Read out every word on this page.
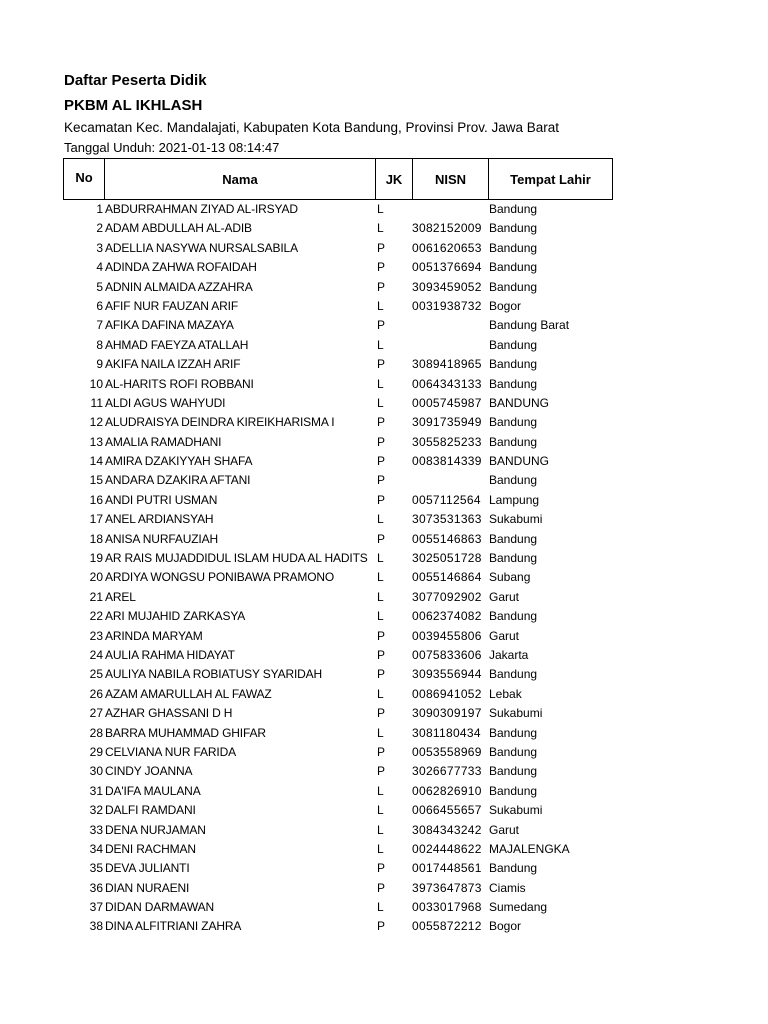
Daftar Peserta Didik
PKBM AL IKHLASH
Kecamatan Kec. Mandalajati, Kabupaten Kota Bandung, Provinsi Prov. Jawa Barat
Tanggal Unduh: 2021-01-13 08:14:47
No	Nama	JK	NISN	Tempat Lahir
1 ABDURRAHMAN ZIYAD AL-IRSYAD	L	Bandung
2 ADAM ABDULLAH AL-ADIB	L 3082152009 Bandung
3 ADELLIA NASYWA NURSALSABILA	P 0061620653 Bandung
4 ADINDA ZAHWA ROFAIDAH	P 0051376694 Bandung
5 ADNIN ALMAIDA AZZAHRA	P 3093459052 Bandung
6 AFIF NUR FAUZAN ARIF	L 0031938732 Bogor
7 AFIKA DAFINA MAZAYA	P	Bandung Barat
8 AHMAD FAEYZA ATALLAH	L	Bandung
9 AKIFA NAILA IZZAH ARIF	P 3089418965 Bandung
10 AL-HARITS ROFI ROBBANI	L 0064343133 Bandung
11 ALDI AGUS WAHYUDI	L 0005745987 BANDUNG
12 ALUDRAISYA DEINDRA KIREIKHARISMA I	P 3091735949 Bandung
13 AMALIA RAMADHANI	P 3055825233 Bandung
14 AMIRA DZAKIYYAH SHAFA	P 0083814339 BANDUNG
15 ANDARA DZAKIRA AFTANI	P	Bandung
16 ANDI PUTRI USMAN	P 0057112564 Lampung
17 ANEL ARDIANSYAH	L 3073531363 Sukabumi
18 ANISA NURFAUZIAH	P 0055146863 Bandung
19 AR RAIS MUJADDIDUL ISLAM HUDA AL HADITS L 3025051728 Bandung
20 ARDIYA WONGSU PONIBAWA PRAMONO	L 0055146864 Subang
21 AREL	L 3077092902 Garut
22 ARI MUJAHID ZARKASYA	L 0062374082 Bandung
23 ARINDA MARYAM	P 0039455806 Garut
24 AULIA RAHMA HIDAYAT	P 0075833606 Jakarta
25 AULIYA NABILA ROBIATUSY SYARIDAH	P 3093556944 Bandung
26 AZAM AMARULLAH AL FAWAZ	L 0086941052 Lebak
27 AZHAR GHASSANI D H	P 3090309197 Sukabumi
28 BARRA MUHAMMAD GHIFAR	L 3081180434 Bandung
29 CELVIANA NUR FARIDA	P 0053558969 Bandung
30 CINDY JOANNA	P 3026677733 Bandung
31 DA'IFA MAULANA	L 0062826910 Bandung
32 DALFI RAMDANI	L 0066455657 Sukabumi
33 DENA NURJAMAN	L 3084343242 Garut
34 DENI RACHMAN	L 0024448622 MAJALENGKA
35 DEVA JULIANTI	P 0017448561 Bandung
36 DIAN NURAENI	P 3973647873 Ciamis
37 DIDAN DARMAWAN	L 0033017968 Sumedang
38 DINA ALFITRIANI ZAHRA	P 0055872212 Bogor
